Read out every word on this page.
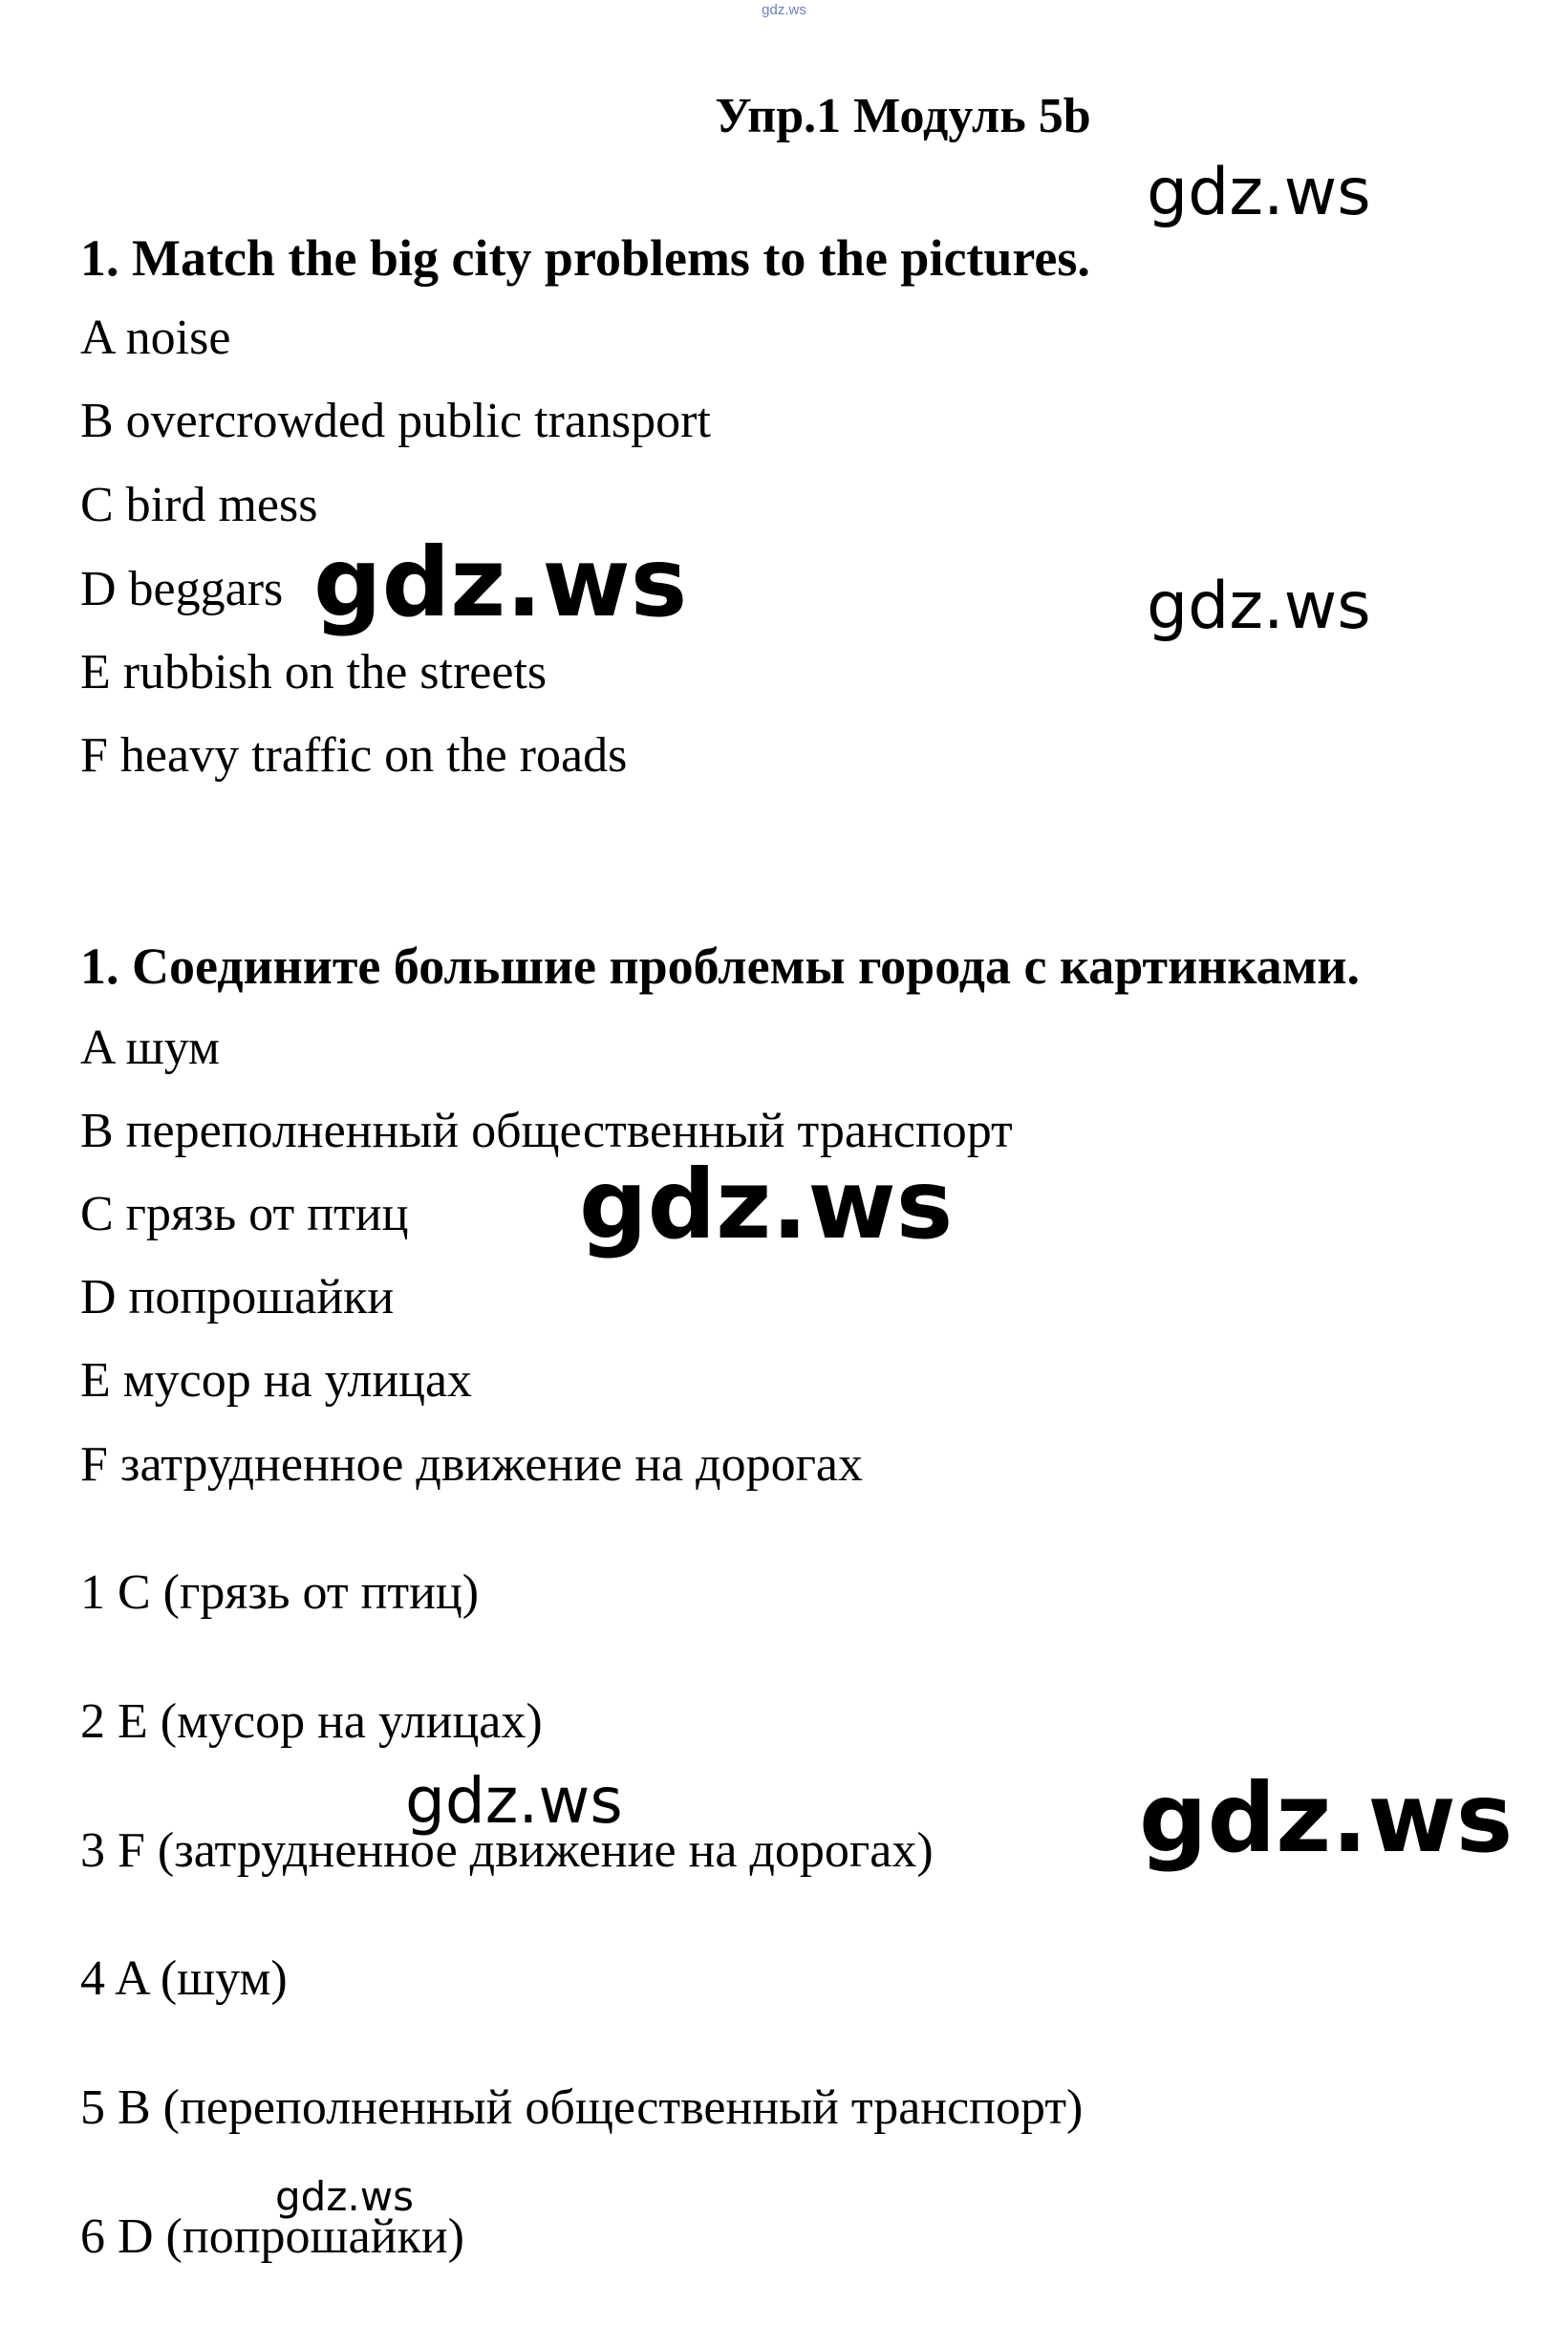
gdz.ws
Упр.1 Модуль 5b
1. Match the big city problems to the pictures.
A noise
B overcrowded public transport
C bird mess
D beggars
E rubbish on the streets
F heavy traffic on the roads
1. Соедините большие проблемы города с картинками.
A шум
B переполненный общественный транспорт
C грязь от птиц
D попрошайки
E мусор на улицах
F затрудненное движение на дорогах
1 C (грязь от птиц)
2 E (мусор на улицах)
3 F (затрудненное движение на дорогах)
4 A (шум)
5 B (переполненный общественный транспорт)
6 D (попрошайки)
gdz.ws
gdz.ws	gdz.ws
gdz.ws
gdz.ws	gdz.ws
gdz.ws
